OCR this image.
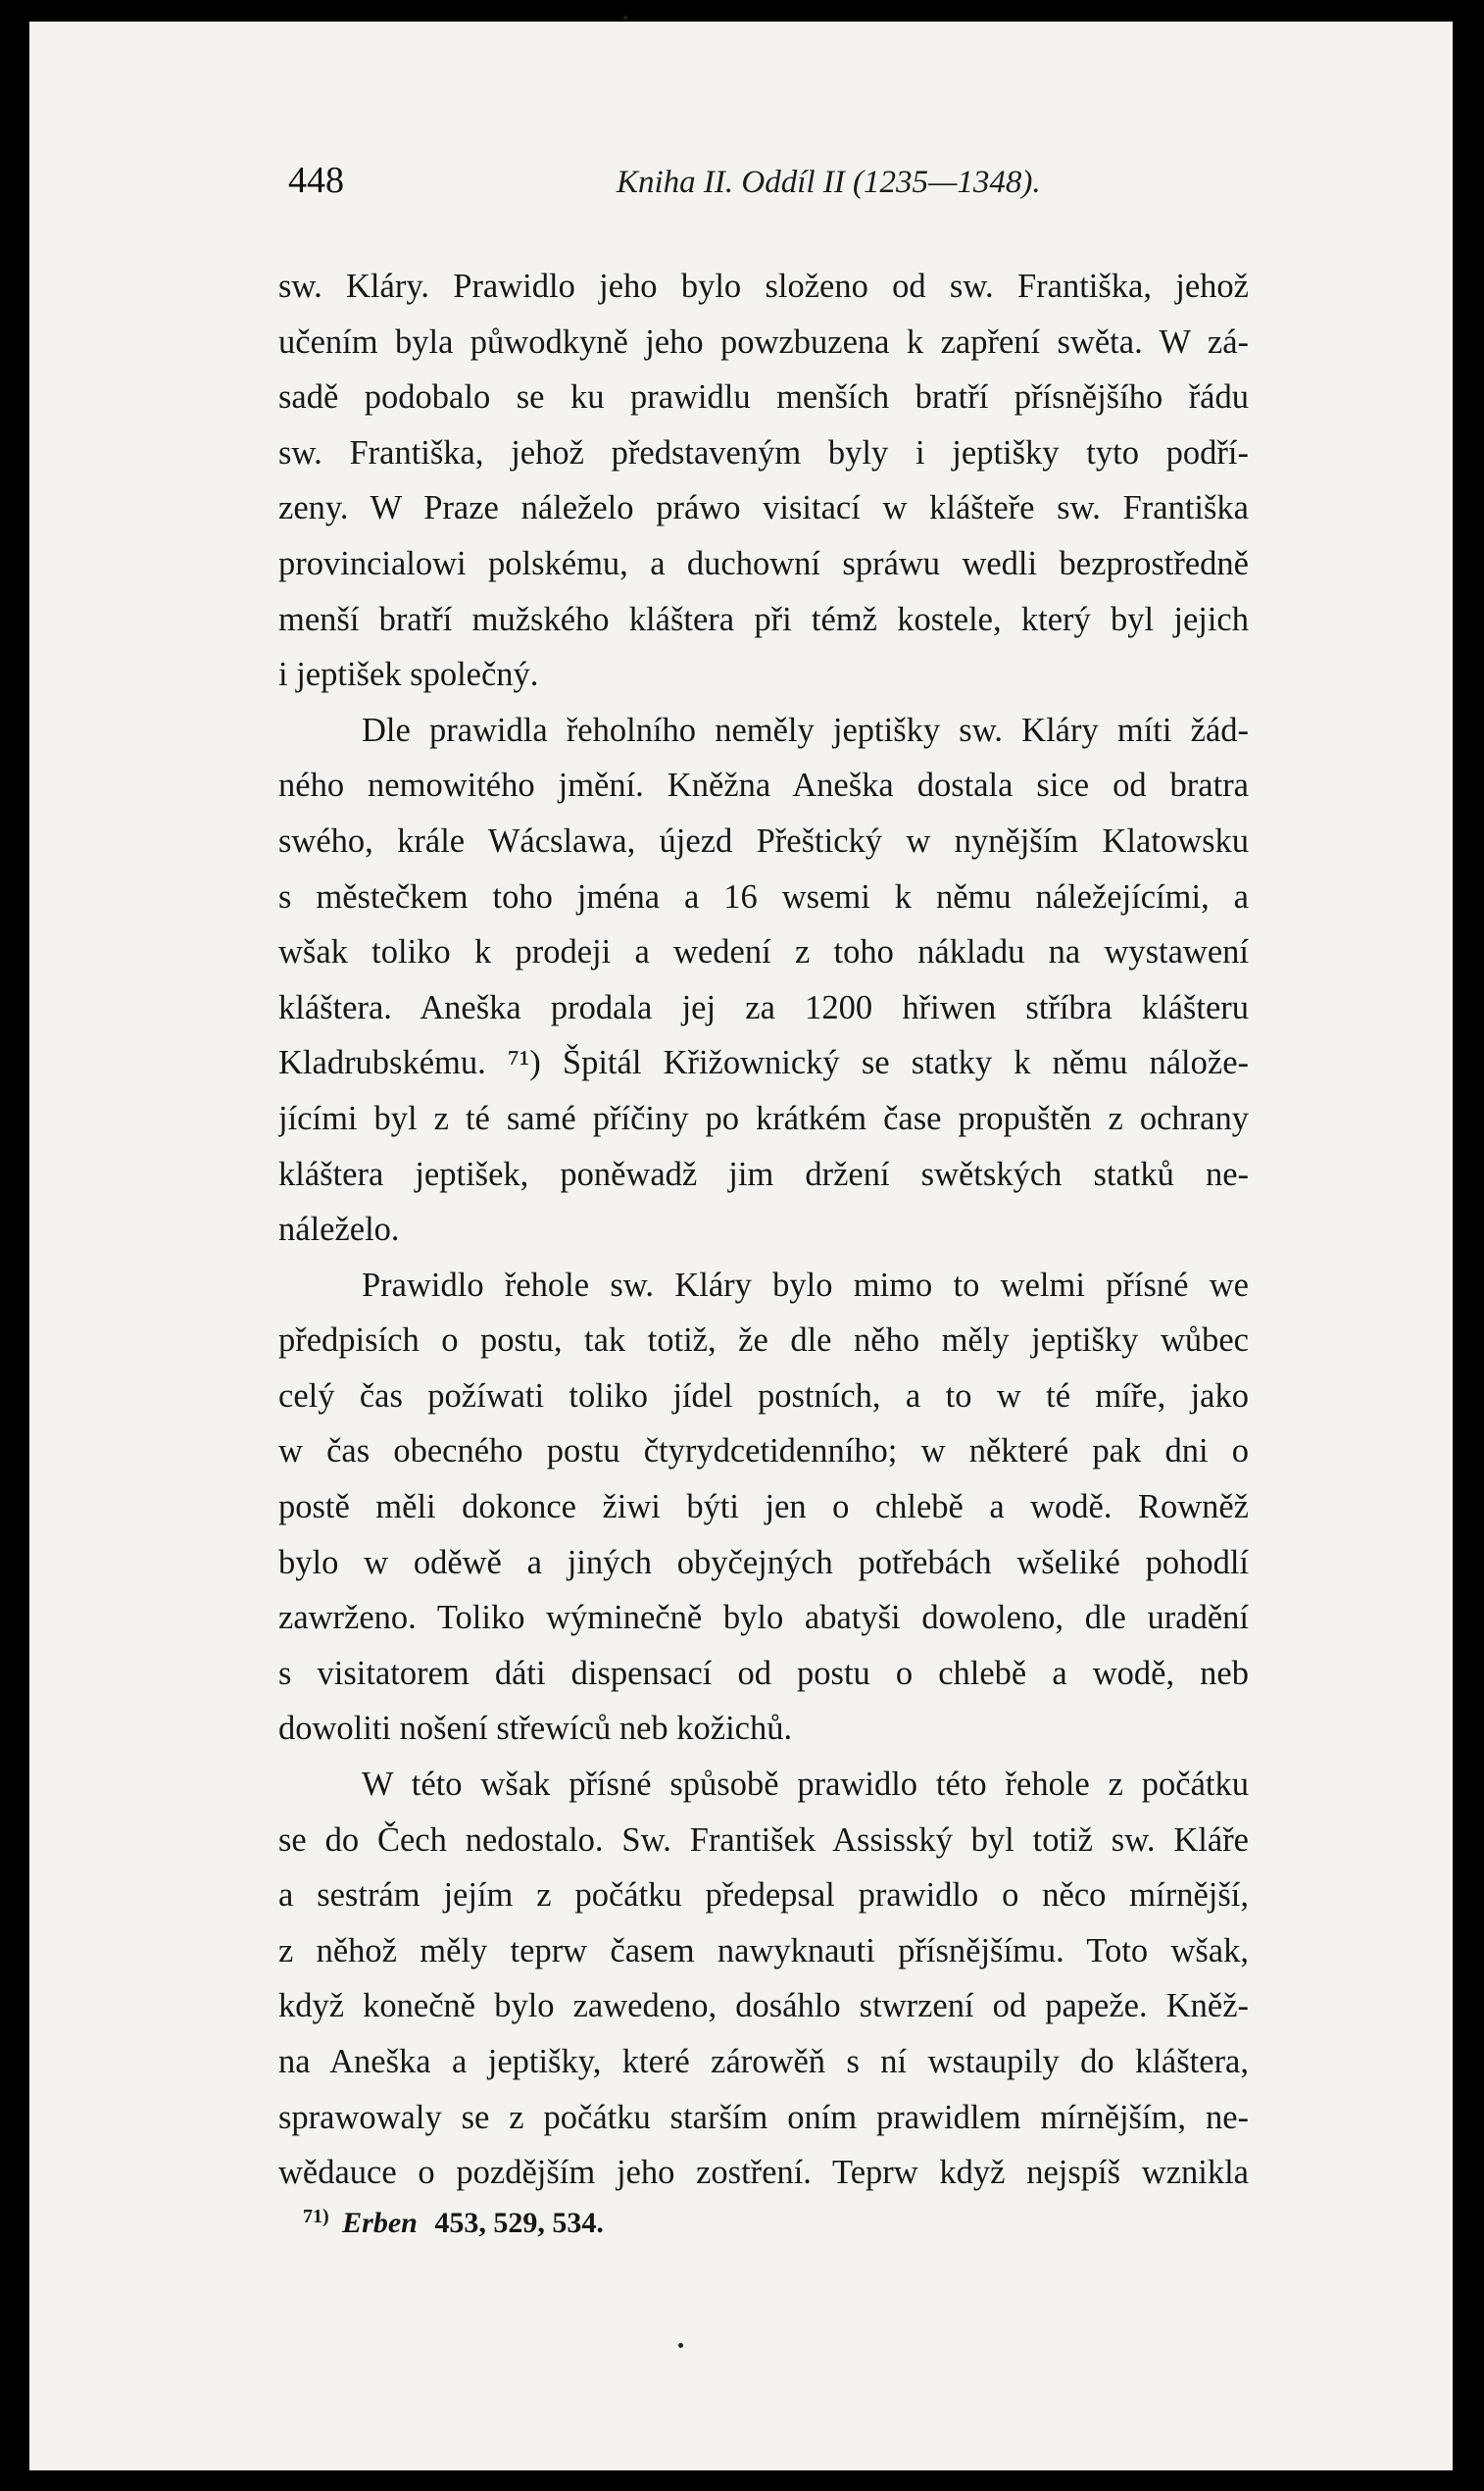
448	Kniha II. Oddíl II (1235—1348).
sw. Kláry. Prawidlo jeho bylo složeno od sw. Františka, jehož
učením byla půwodkyně jeho powzbuzena k zapření swěta. W zá-
sadě podobalo se ku prawidlu menších bratří přísnějšího řádu
sw. Františka, jehož představeným byly i jeptišky tyto podří-
zeny. W Praze náleželo práwo visitací w klášteře sw. Františka
provincialowi polskému, a duchowní spráwu wedli bezprostředně
menší bratří mužského kláštera při témž kostele, který byl jejich
i jeptišek společný.
Dle prawidla řeholního neměly jeptišky sw. Kláry míti žád-
ného nemowitého jmění. Kněžna Aneška dostala sice od bratra
swého, krále Wácslawa, újezd Přeštický w nynějším Klatowsku
s městečkem toho jména a 16 wsemi k němu náležejícími, a
wšak toliko k prodeji a wedení z toho nákladu na wystawení
kláštera. Aneška prodala jej za 1200 hřiwen stříbra klášteru
Kladrubskému. ⁷¹) Špitál Křižownický se statky k němu nálože-
jícími byl z té samé příčiny po krátkém čase propuštěn z ochrany
kláštera jeptišek, poněwadž jim držení swětských statků ne-
náleželo.
Prawidlo řehole sw. Kláry bylo mimo to welmi přísné we
předpisích o postu, tak totiž, že dle něho měly jeptišky wůbec
celý čas požíwati toliko jídel postních, a to w té míře, jako
w čas obecného postu čtyrydcetidenního; w některé pak dni o
postě měli dokonce žiwi býti jen o chlebě a wodě. Rowněž
bylo w oděwě a jiných obyčejných potřebách wšeliké pohodlí
zawrženo. Toliko wýminečně bylo abatyši dowoleno, dle uradění
s visitatorem dáti dispensací od postu o chlebě a wodě, neb
dowoliti nošení střewíců neb kožichů.
W této wšak přísné spůsobě prawidlo této řehole z počátku
se do Čech nedostalo. Sw. František Assisský byl totiž sw. Kláře
a sestrám jejím z počátku předepsal prawidlo o něco mírnější,
z něhož měly teprw časem nawyknauti přísnějšímu. Toto wšak,
když konečně bylo zawedeno, dosáhlo stwrzení od papeže. Kněž-
na Aneška a jeptišky, které zárowěň s ní wstaupily do kláštera,
sprawowaly se z počátku starším oním prawidlem mírnějším, ne-
wědauce o pozdějším jeho zostření. Teprw když nejspíš wznikla
$^{71)}$ Erben 453, 529, 534.
